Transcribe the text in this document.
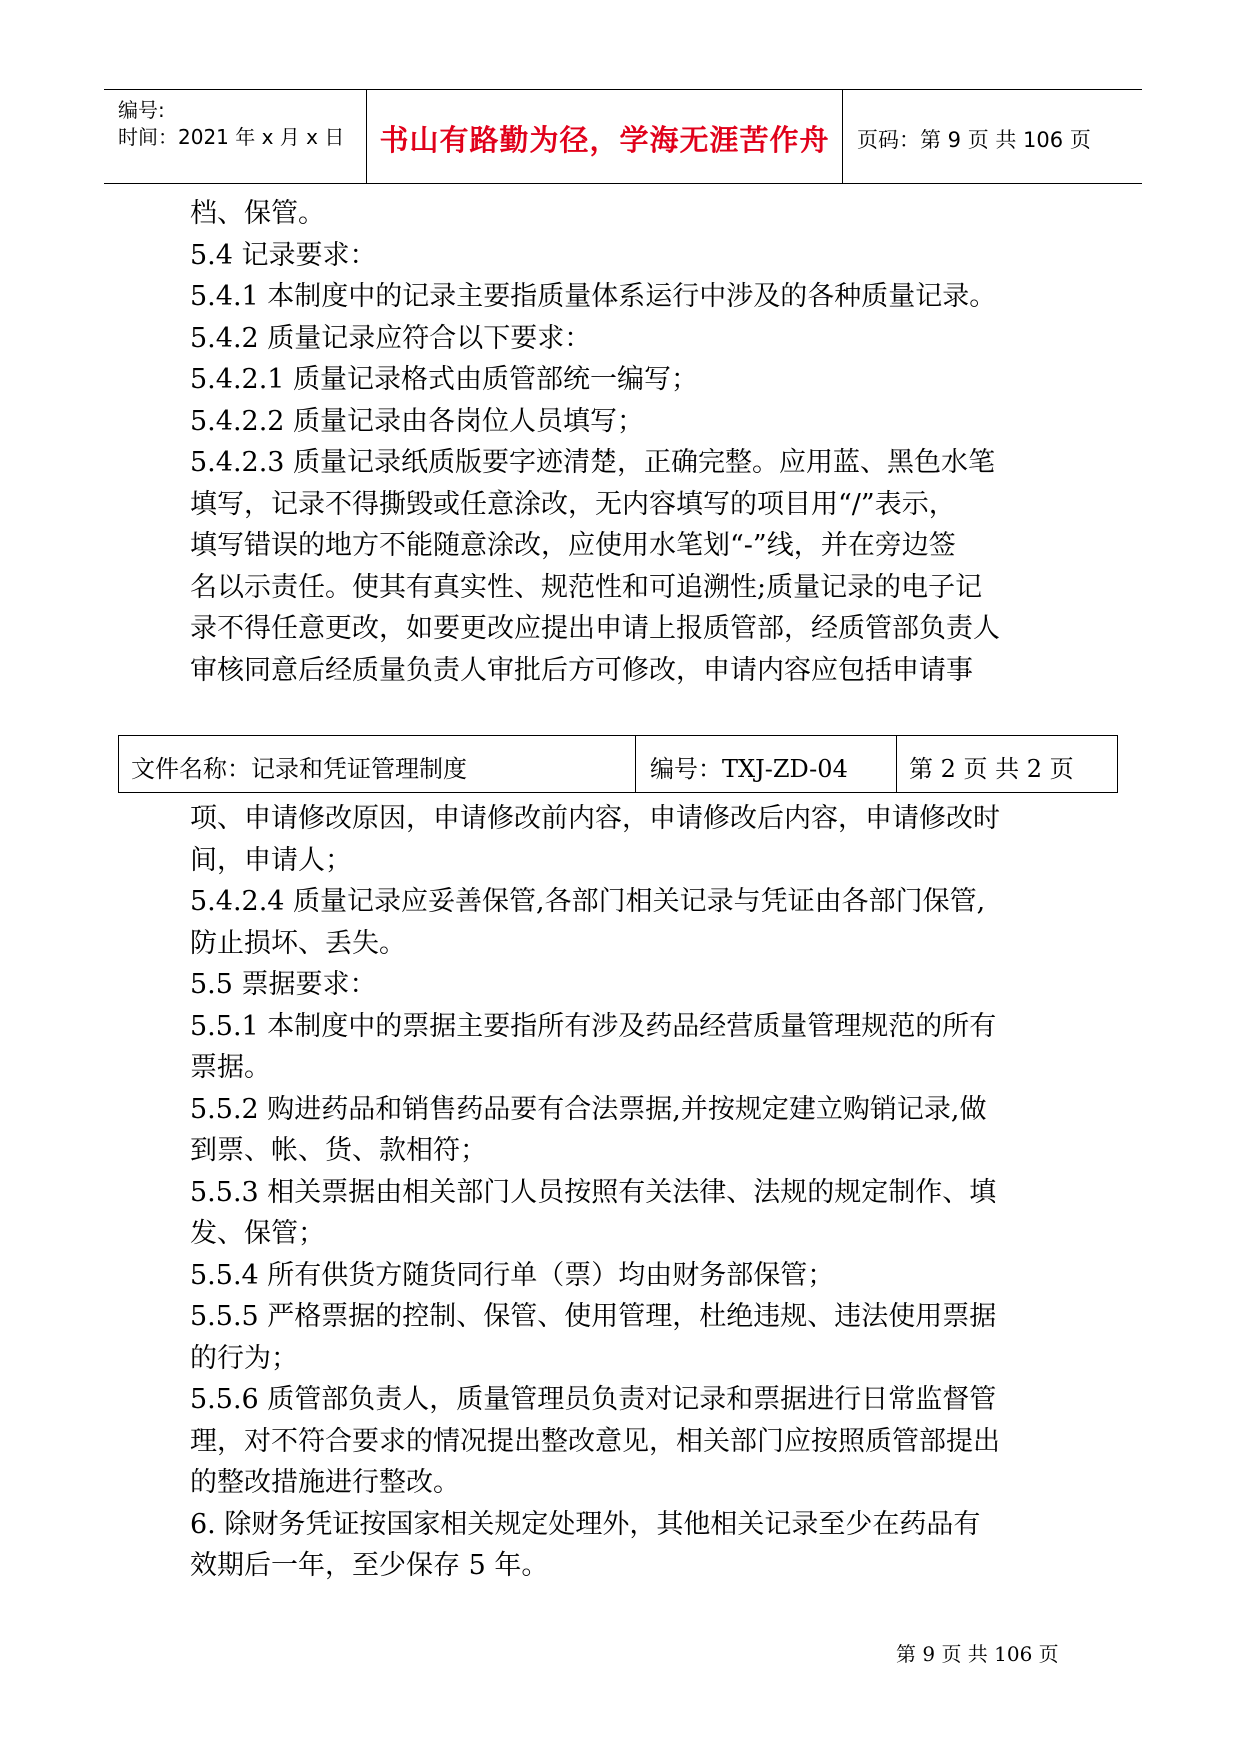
编号:
时间：2021 年 x 月 x 日	书山有路勤为径，学海无涯苦作舟	页码：第 9 页 共 106 页

档、保管。

5.4 记录要求：

5.4.1 本制度中的记录主要指质量体系运行中涉及的各种质量记录。

5.4.2 质量记录应符合以下要求：

5.4.2.1 质量记录格式由质管部统一编写；

5.4.2.2 质量记录由各岗位人员填写；

5.4.2.3 质量记录纸质版要字迹清楚，正确完整。应用蓝、黑色水笔

填写，记录不得撕毁或任意涂改，无内容填写的项目用“/”表示，

填写错误的地方不能随意涂改，应使用水笔划“-”线，并在旁边签

名以示责任。使其有真实性、规范性和可追溯性;质量记录的电子记

录不得任意更改，如要更改应提出申请上报质管部，经质管部负责人

审核同意后经质量负责人审批后方可修改，申请内容应包括申请事

文件名称：记录和凭证管理制度	编号：TXJ-ZD-04	第 2 页 共 2 页

项、申请修改原因，申请修改前内容，申请修改后内容，申请修改时

间，申请人；

5.4.2.4 质量记录应妥善保管,各部门相关记录与凭证由各部门保管,

防止损坏、丢失。

5.5 票据要求：

5.5.1 本制度中的票据主要指所有涉及药品经营质量管理规范的所有

票据。

5.5.2 购进药品和销售药品要有合法票据,并按规定建立购销记录,做

到票、帐、货、款相符；

5.5.3 相关票据由相关部门人员按照有关法律、法规的规定制作、填

发、保管；

5.5.4 所有供货方随货同行单（票）均由财务部保管；

5.5.5 严格票据的控制、保管、使用管理，杜绝违规、违法使用票据

的行为；

5.5.6 质管部负责人，质量管理员负责对记录和票据进行日常监督管

理，对不符合要求的情况提出整改意见，相关部门应按照质管部提出

的整改措施进行整改。

6. 除财务凭证按国家相关规定处理外，其他相关记录至少在药品有

效期后一年，至少保存 5 年。

第 9 页 共 106 页
